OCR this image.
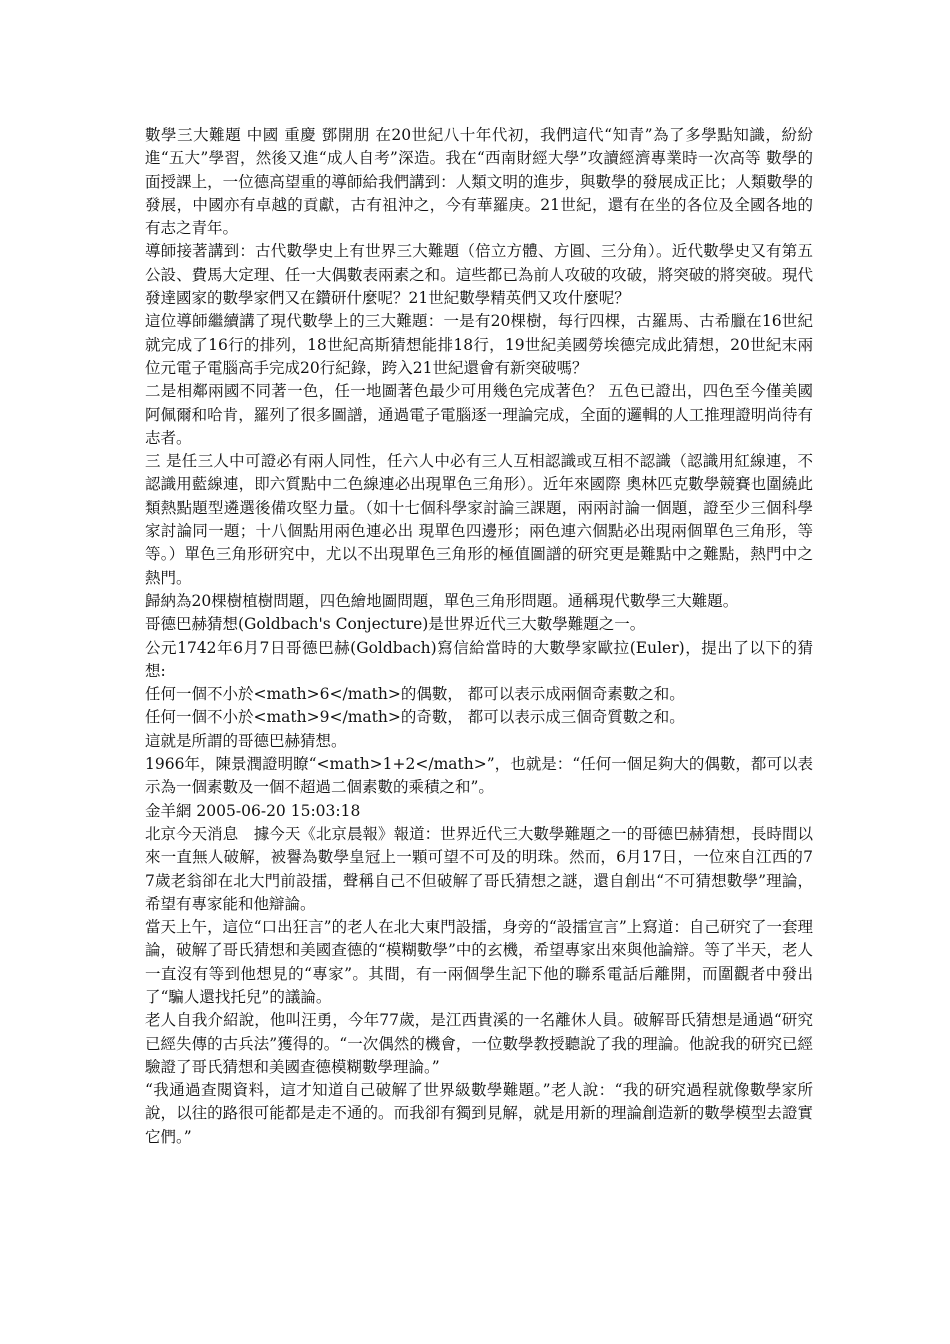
數學三大難題 中國 重慶 鄧開朋 在20世紀八十年代初，我們這代“知青”為了多學點知識，紛紛進“五大”學習，然後又進“成人自考”深造。我在“西南財經大學”攻讀經濟專業時一次高等 數學的面授課上，一位德高望重的導師給我們講到：人類文明的進步，與數學的發展成正比；人類數學的發展，中國亦有卓越的貢獻，古有祖沖之，今有華羅庚。21世紀，還有在坐的各位及全國各地的有志之青年。

導師接著講到：古代數學史上有世界三大難題（倍立方體、方圓、三分角）。近代數學史又有第五公設、費馬大定理、任一大偶數表兩素之和。這些都已為前人攻破的攻破，將突破的將突破。現代發達國家的數學家們又在鑽研什麼呢？21世紀數學精英們又攻什麼呢？

這位導師繼續講了現代數學上的三大難題：一是有20棵樹，每行四棵，古羅馬、古希臘在16世紀就完成了16行的排列，18世紀高斯猜想能排18行，19世紀美國勞埃德完成此猜想，20世紀末兩位元電子電腦高手完成20行紀錄，跨入21世紀還會有新突破嗎？

二是相鄰兩國不同著一色，任一地圖著色最少可用幾色完成著色？ 五色已證出，四色至今僅美國阿佩爾和哈肯，羅列了很多圖譜，通過電子電腦逐一理論完成，全面的邏輯的人工推理證明尚待有志者。

三 是任三人中可證必有兩人同性，任六人中必有三人互相認識或互相不認識（認識用紅線連，不認識用藍線連，即六質點中二色線連必出現單色三角形）。近年來國際 奧林匹克數學競賽也圍繞此類熱點題型遴選後備攻堅力量。（如十七個科學家討論三課題，兩兩討論一個題，證至少三個科學家討論同一題；十八個點用兩色連必出 現單色四邊形；兩色連六個點必出現兩個單色三角形，等等。）單色三角形研究中，尤以不出現單色三角形的極值圖譜的研究更是難點中之難點，熱門中之熱門。

歸納為20棵樹植樹問題，四色繪地圖問題，單色三角形問題。通稱現代數學三大難題。

哥德巴赫猜想(Goldbach's Conjecture)是世界近代三大數學難題之一。

公元1742年6月7日哥德巴赫(Goldbach)寫信給當時的大數學家歐拉(Euler)，提出了以下的猜想:

任何一個不小於<math>6</math>的偶數， 都可以表示成兩個奇素數之和。

任何一個不小於<math>9</math>的奇數， 都可以表示成三個奇質數之和。

這就是所謂的哥德巴赫猜想。

1966年，陳景潤證明瞭“<math>1+2</math>”，也就是：“任何一個足夠大的偶數，都可以表示為一個素數及一個不超過二個素數的乘積之和”。

金羊網 2005-06-20 15:03:18

北京今天消息　據今天《北京晨報》報道：世界近代三大數學難題之一的哥德巴赫猜想，長時間以來一直無人破解，被譽為數學皇冠上一顆可望不可及的明珠。然而，6月17日，一位來自江西的77歲老翁卻在北大門前設擂，聲稱自己不但破解了哥氏猜想之謎，還自創出“不可猜想數學”理論，希望有專家能和他辯論。

當天上午，這位“口出狂言”的老人在北大東門設擂，身旁的“設擂宣言”上寫道：自己研究了一套理論，破解了哥氏猜想和美國查德的“模糊數學”中的玄機，希望專家出來與他論辯。等了半天，老人一直沒有等到他想見的“專家”。其間，有一兩個學生記下他的聯系電話后離開，而圍觀者中發出了“騙人還找托兒”的議論。

老人自我介紹說，他叫汪勇，今年77歲，是江西貴溪的一名離休人員。破解哥氏猜想是通過“研究已經失傳的古兵法”獲得的。“一次偶然的機會，一位數學教授聽說了我的理論。他說我的研究已經驗證了哥氏猜想和美國查德模糊數學理論。”

“我通過查閱資料，這才知道自己破解了世界級數學難題。”老人說：“我的研究過程就像數學家所說，以往的路很可能都是走不通的。而我卻有獨到見解，就是用新的理論創造新的數學模型去證實它們。”
